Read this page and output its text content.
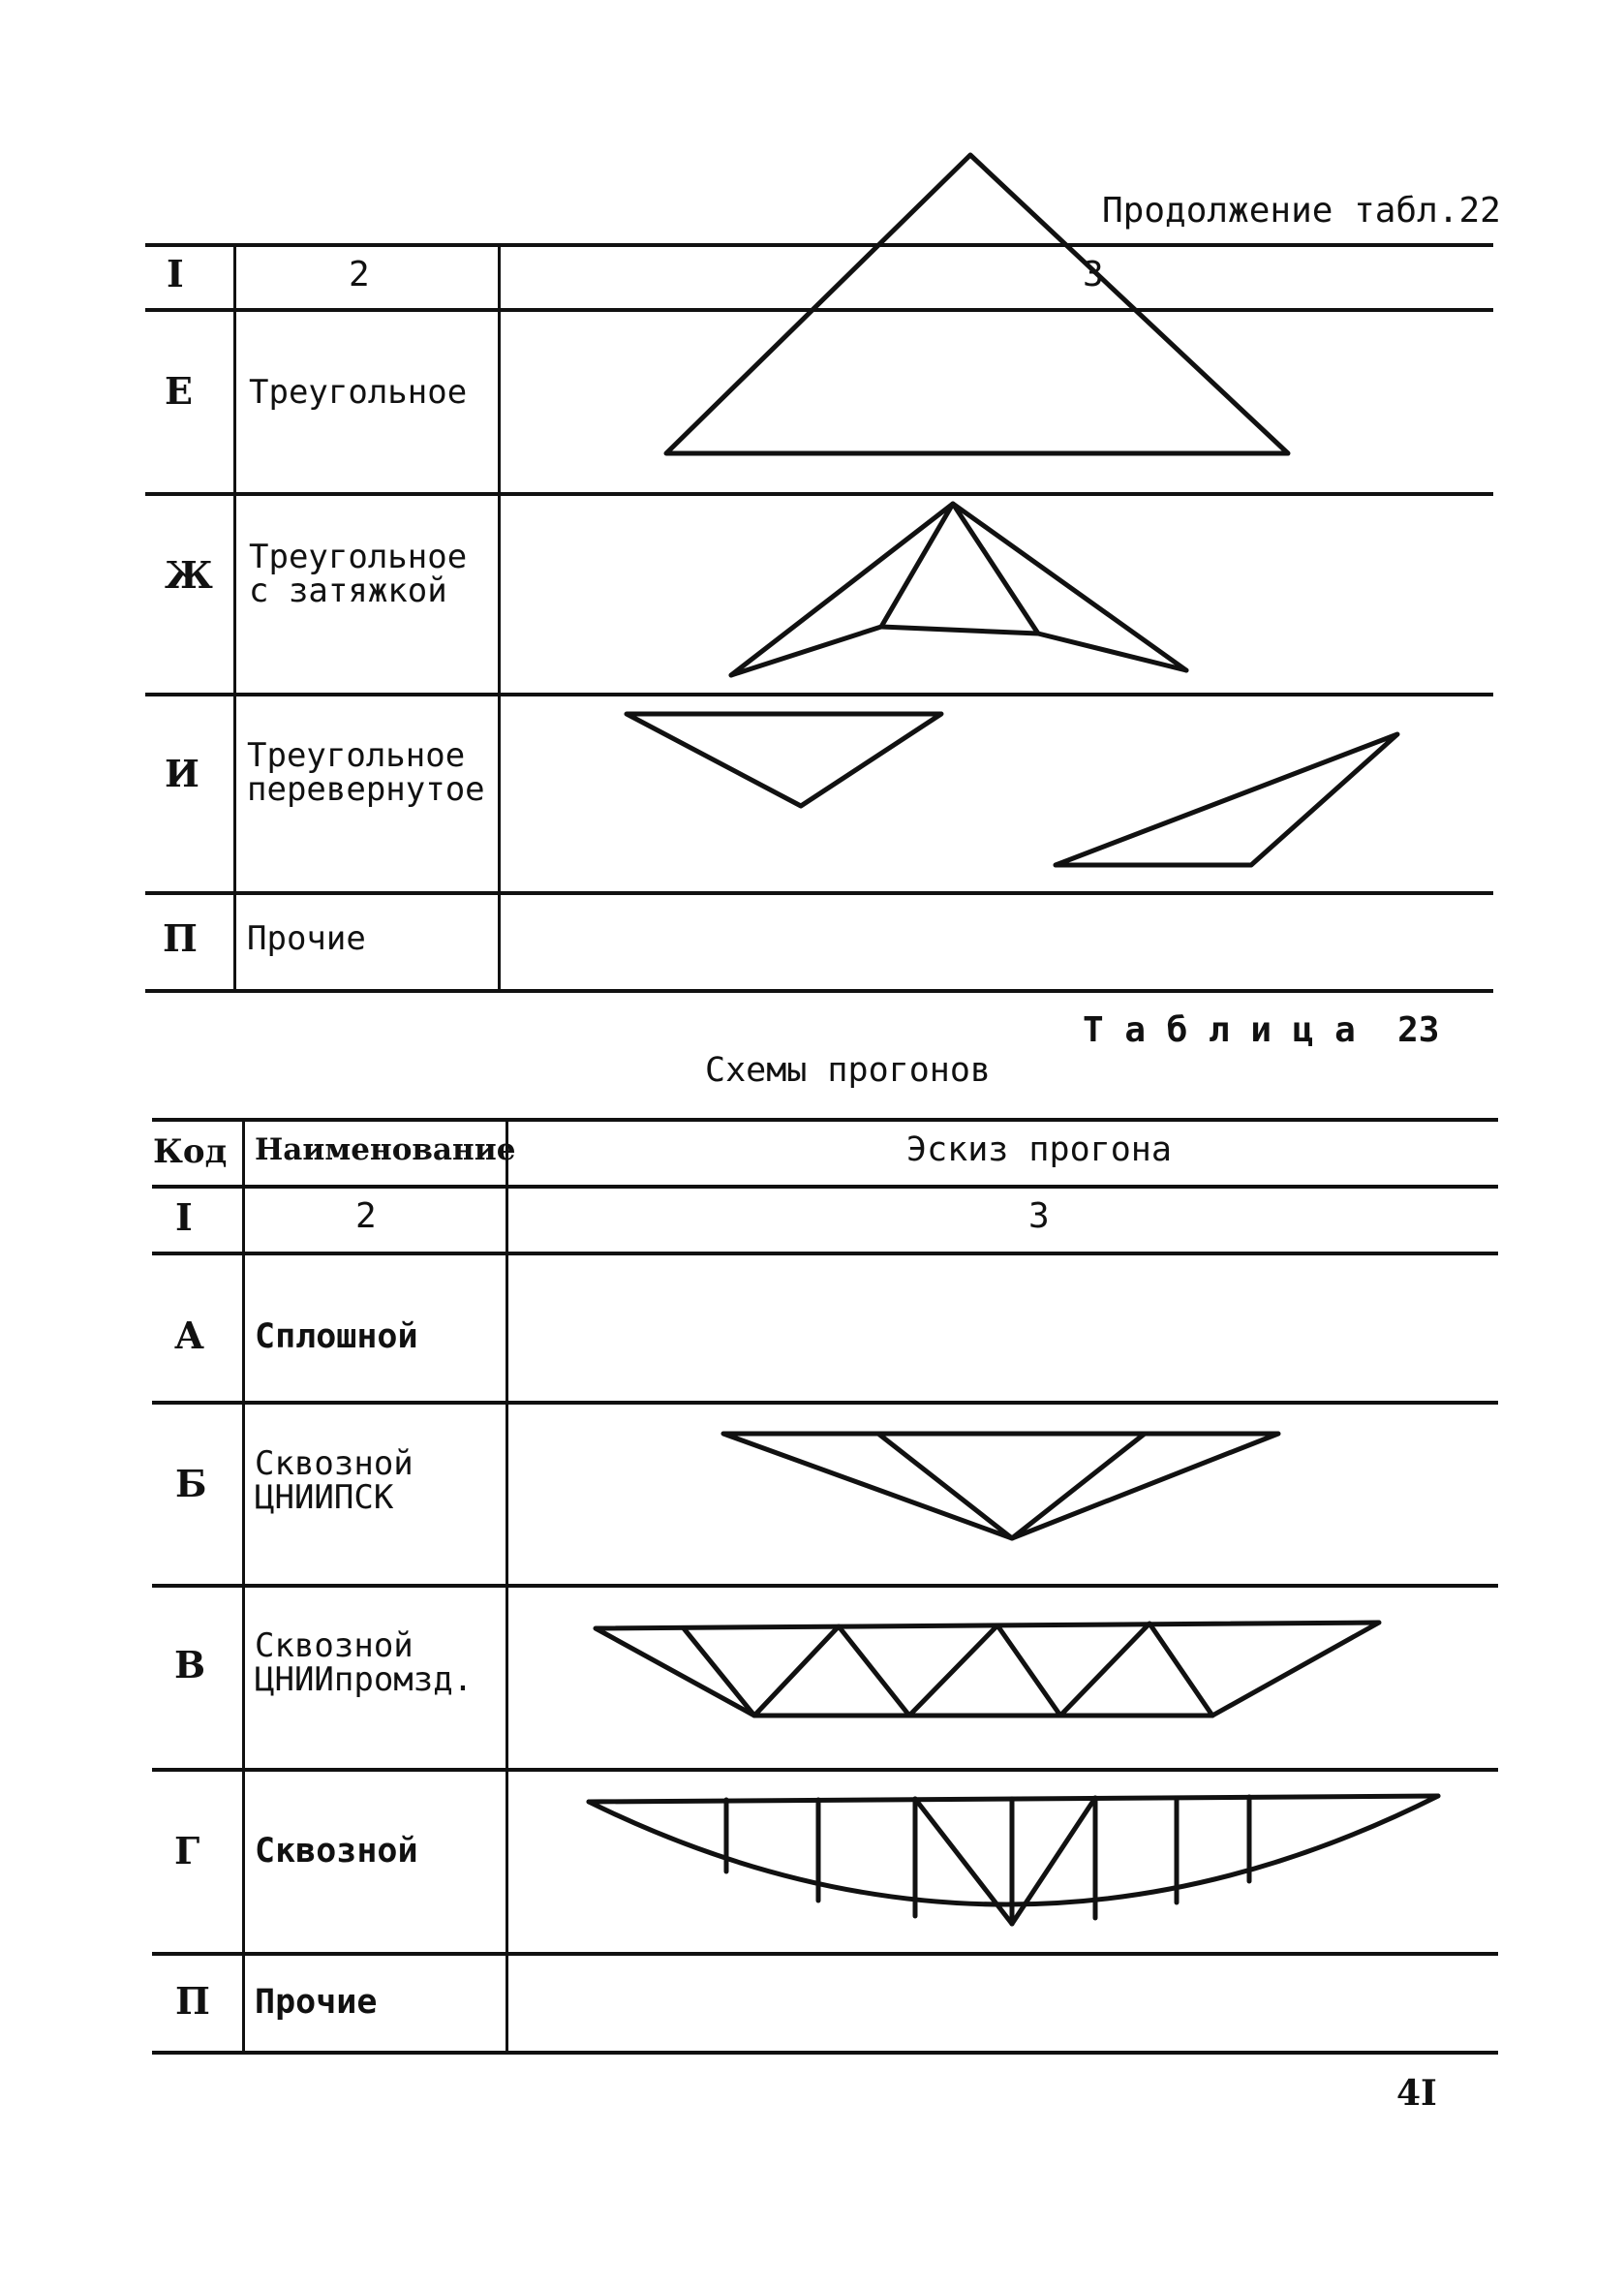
Продолжение табл.22
I	2	3
Е Треугольное
Ж Треугольное
с затяжкой
И Треугольное
перевернутое
П Прочие
Т а б л и ц а  23
Схемы прогонов
Код Наименование	Эскиз прогона
I	2	3
А Сплошной
Б Сквозной
ЦНИИПСК
В Сквозной
ЦНИИпромзд.
Г Сквозной
П Прочие
4I
